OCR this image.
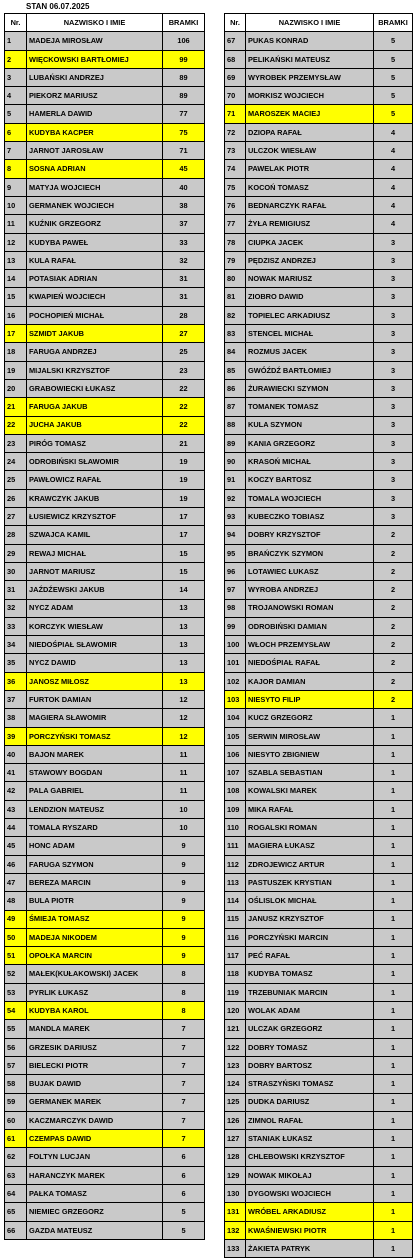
STAN 06.07.2025
Nr.	NAZWISKO I IMIE	BRAMKI
1	MADEJA MIROSŁAW	106
2	WIĘCKOWSKI BARTŁOMIEJ	99
3	LUBAŃSKI ANDRZEJ	89
4	PIEKORZ MARIUSZ	89
5	HAMERLA DAWID	77
6	KUDYBA KACPER	75
7	JARNOT JAROSŁAW	71
8	SOSNA ADRIAN	45
9	MATYJA WOJCIECH	40
10	GERMANEK WOJCIECH	38
11	KUŹNIK GRZEGORZ	37
12	KUDYBA PAWEŁ	33
13	KULA RAFAŁ	32
14	POTASIAK ADRIAN	31
15	KWAPIEŃ WOJCIECH	31
16	POCHOPIEŃ MICHAŁ	28
17	SZMIDT JAKUB	27
18	FARUGA ANDRZEJ	25
19	MIJALSKI KRZYSZTOF	23
20	GRABOWIECKI ŁUKASZ	22
21	FARUGA JAKUB	22
22	JUCHA JAKUB	22
23	PIRÓG TOMASZ	21
24	ODROBIŃSKI SŁAWOMIR	19
25	PAWŁOWICZ RAFAŁ	19
26	KRAWCZYK JAKUB	19
27	ŁUSIEWICZ KRZYSZTOF	17
28	SZWAJCA KAMIL	17
29	REWAJ MICHAŁ	15
30	JARNOT MARIUSZ	15
31	JAŹDŹEWSKI JAKUB	14
32	NYCZ ADAM	13
33	KORCZYK WIESŁAW	13
34	NIEDOŚPIAŁ SŁAWOMIR	13
35	NYCZ DAWID	13
36	JANOSZ MIŁOSZ	13
37	FURTOK DAMIAN	12
38	MAGIERA SŁAWOMIR	12
39	PORCZYŃSKI TOMASZ	12
40	BAJON MAREK	11
41	STAWOWY BOGDAN	11
42	PALA GABRIEL	11
43	LENDZION MATEUSZ	10
44	TOMALA RYSZARD	10
45	HONC ADAM	9
46	FARUGA SZYMON	9
47	BEREZA MARCIN	9
48	BULA PIOTR	9
49	ŚMIEJA TOMASZ	9
50	MADEJA NIKODEM	9
51	OPOŁKA MARCIN	9
52	MAŁEK(KUŁAKOWSKI) JACEK	8
53	PYRLIK ŁUKASZ	8
54	KUDYBA KAROL	8
55	MANDLA MAREK	7
56	GRZESIK DARIUSZ	7
57	BIELECKI PIOTR	7
58	BUJAK DAWID	7
59	GERMANEK MAREK	7
60	KACZMARCZYK DAWID	7
61	CZEMPAS DAWID	7
62	FOLTYN LUCJAN	6
63	HARANCZYK MAREK	6
64	PAŁKA TOMASZ	6
65	NIEMIEC GRZEGORZ	5
66	GAZDA MATEUSZ	5
Nr.	NAZWISKO I IMIE	BRAMKI
67	PUKAS KONRAD	5
68	PELIKAŃSKI MATEUSZ	5
69	WYROBEK PRZEMYSŁAW	5
70	MORKISZ WOJCIECH	5
71	MAROSZEK MACIEJ	5
72	DZIOPA RAFAŁ	4
73	ULCZOK WIESŁAW	4
74	PAWELAK PIOTR	4
75	KOCOŃ TOMASZ	4
76	BEDNARCZYK RAFAŁ	4
77	ŻYŁA REMIGIUSZ	4
78	CIUPKA JACEK	3
79	PĘDZISZ ANDRZEJ	3
80	NOWAK MARIUSZ	3
81	ZIOBRO DAWID	3
82	TOPIELEC ARKADIUSZ	3
83	STENCEL MICHAŁ	3
84	ROZMUS JACEK	3
85	GWÓŹDŹ BARTŁOMIEJ	3
86	ŻURAWIECKI SZYMON	3
87	TOMANEK TOMASZ	3
88	KULA SZYMON	3
89	KANIA GRZEGORZ	3
90	KRASOŃ MICHAŁ	3
91	KOCZY BARTOSZ	3
92	TOMALA WOJCIECH	3
93	KUBECZKO TOBIASZ	3
94	DOBRY KRZYSZTOF	2
95	BRAŃCZYK SZYMON	2
96	LOTAWIEC ŁUKASZ	2
97	WYROBA ANDRZEJ	2
98	TROJANOWSKI ROMAN	2
99	ODROBIŃSKI DAMIAN	2
100	WŁOCH PRZEMYSŁAW	2
101	NIEDOŚPIAŁ RAFAŁ	2
102	KAJOR DAMIAN	2
103	NIESYTO FILIP	2
104	KUCZ GRZEGORZ	1
105	SERWIN MIROSŁAW	1
106	NIESYTO ZBIGNIEW	1
107	SZABLA SEBASTIAN	1
108	KOWALSKI MAREK	1
109	MIKA RAFAŁ	1
110	ROGALSKI ROMAN	1
111	MAGIERA ŁUKASZ	1
112	ZDROJEWICZ ARTUR	1
113	PASTUSZEK KRYSTIAN	1
114	OŚLISLOK MICHAŁ	1
115	JANUSZ KRZYSZTOF	1
116	PORCZYŃSKI MARCIN	1
117	PEĆ RAFAŁ	1
118	KUDYBA TOMASZ	1
119	TRZEBUNIAK MARCIN	1
120	WOLAK ADAM	1
121	ULCZAK GRZEGORZ	1
122	DOBRY TOMASZ	1
123	DOBRY BARTOSZ	1
124	STRASZYŃSKI TOMASZ	1
125	DUDKA DARIUSZ	1
126	ZIMNOL RAFAŁ	1
127	STANIAK ŁUKASZ	1
128	CHLEBOWSKI KRZYSZTOF	1
129	NOWAK MIKOŁAJ	1
130	DYGOWSKI WOJCIECH	1
131	WRÓBEL ARKADIUSZ	1
132	KWAŚNIEWSKI PIOTR	1
133	ŻAKIETA PATRYK	1
